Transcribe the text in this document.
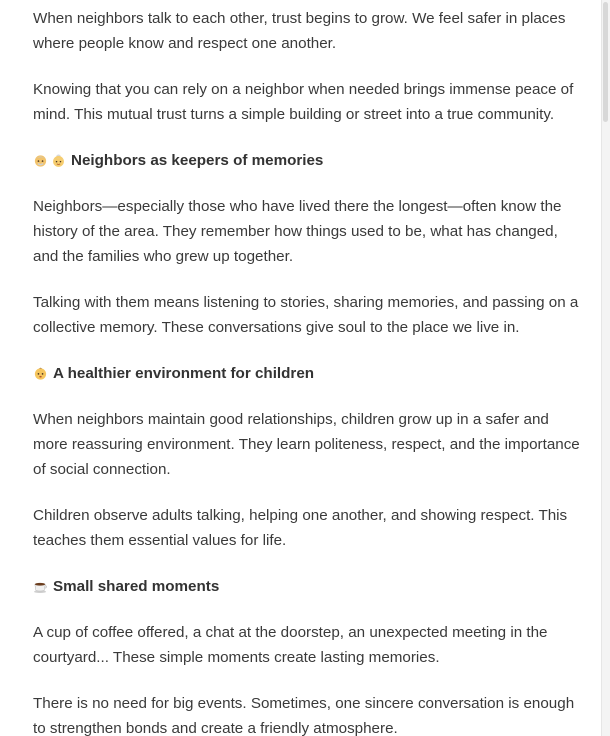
When neighbors talk to each other, trust begins to grow. We feel safer in places where people know and respect one another.

Knowing that you can rely on a neighbor when needed brings immense peace of mind. This mutual trust turns a simple building or street into a true community.

Neighbors as keepers of memories

Neighbors—especially those who have lived there the longest—often know the history of the area. They remember how things used to be, what has changed, and the families who grew up together.

Talking with them means listening to stories, sharing memories, and passing on a collective memory. These conversations give soul to the place we live in.

A healthier environment for children

When neighbors maintain good relationships, children grow up in a safer and more reassuring environment. They learn politeness, respect, and the importance of social connection.

Children observe adults talking, helping one another, and showing respect. This teaches them essential values for life.

Small shared moments

A cup of coffee offered, a chat at the doorstep, an unexpected meeting in the courtyard... These simple moments create lasting memories.

There is no need for big events. Sometimes, one sincere conversation is enough to strengthen bonds and create a friendly atmosphere.
